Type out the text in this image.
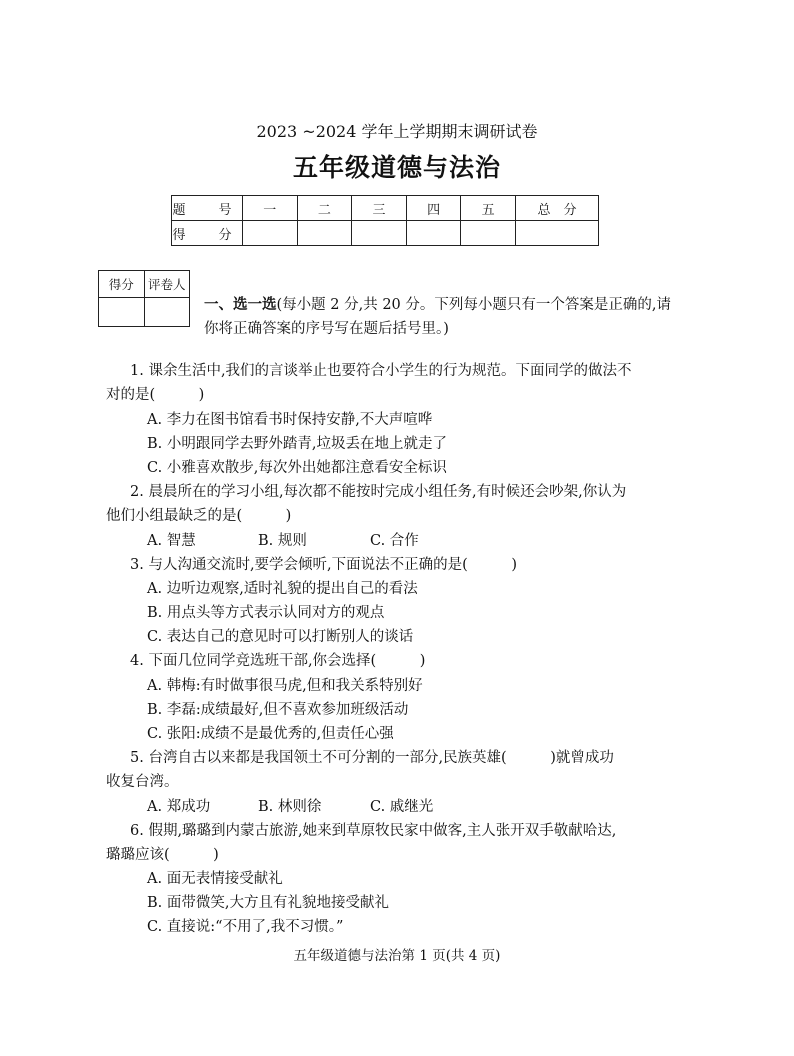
2023 ~2024 学年上学期期末调研试卷
五年级道德与法治
题　号	一	二	三	四	五	总　分
得　分						
得分	评卷人

一、选一选(每小题 2 分,共 20 分。下列每小题只有一个答案是正确的,请你将正确答案的序号写在题后括号里。)
1. 课余生活中,我们的言谈举止也要符合小学生的行为规范。下面同学的做法不
对的是(　　　)
A. 李力在图书馆看书时保持安静,不大声喧哗
B. 小明跟同学去野外踏青,垃圾丢在地上就走了
C. 小雅喜欢散步,每次外出她都注意看安全标识
2. 晨晨所在的学习小组,每次都不能按时完成小组任务,有时候还会吵架,你认为
他们小组最缺乏的是(　　　)
A. 智慧	B. 规则	C. 合作
3. 与人沟通交流时,要学会倾听,下面说法不正确的是(　　　)
A. 边听边观察,适时礼貌的提出自己的看法
B. 用点头等方式表示认同对方的观点
C. 表达自己的意见时可以打断别人的谈话
4. 下面几位同学竞选班干部,你会选择(　　　)
A. 韩梅:有时做事很马虎,但和我关系特别好
B. 李磊:成绩最好,但不喜欢参加班级活动
C. 张阳:成绩不是最优秀的,但责任心强
5. 台湾自古以来都是我国领土不可分割的一部分,民族英雄(　　　)就曾成功
收复台湾。
A. 郑成功	B. 林则徐	C. 戚继光
6. 假期,璐璐到内蒙古旅游,她来到草原牧民家中做客,主人张开双手敬献哈达,
璐璐应该(　　　)
A. 面无表情接受献礼
B. 面带微笑,大方且有礼貌地接受献礼
C. 直接说:“不用了,我不习惯。”
五年级道德与法治第 1 页(共 4 页)
